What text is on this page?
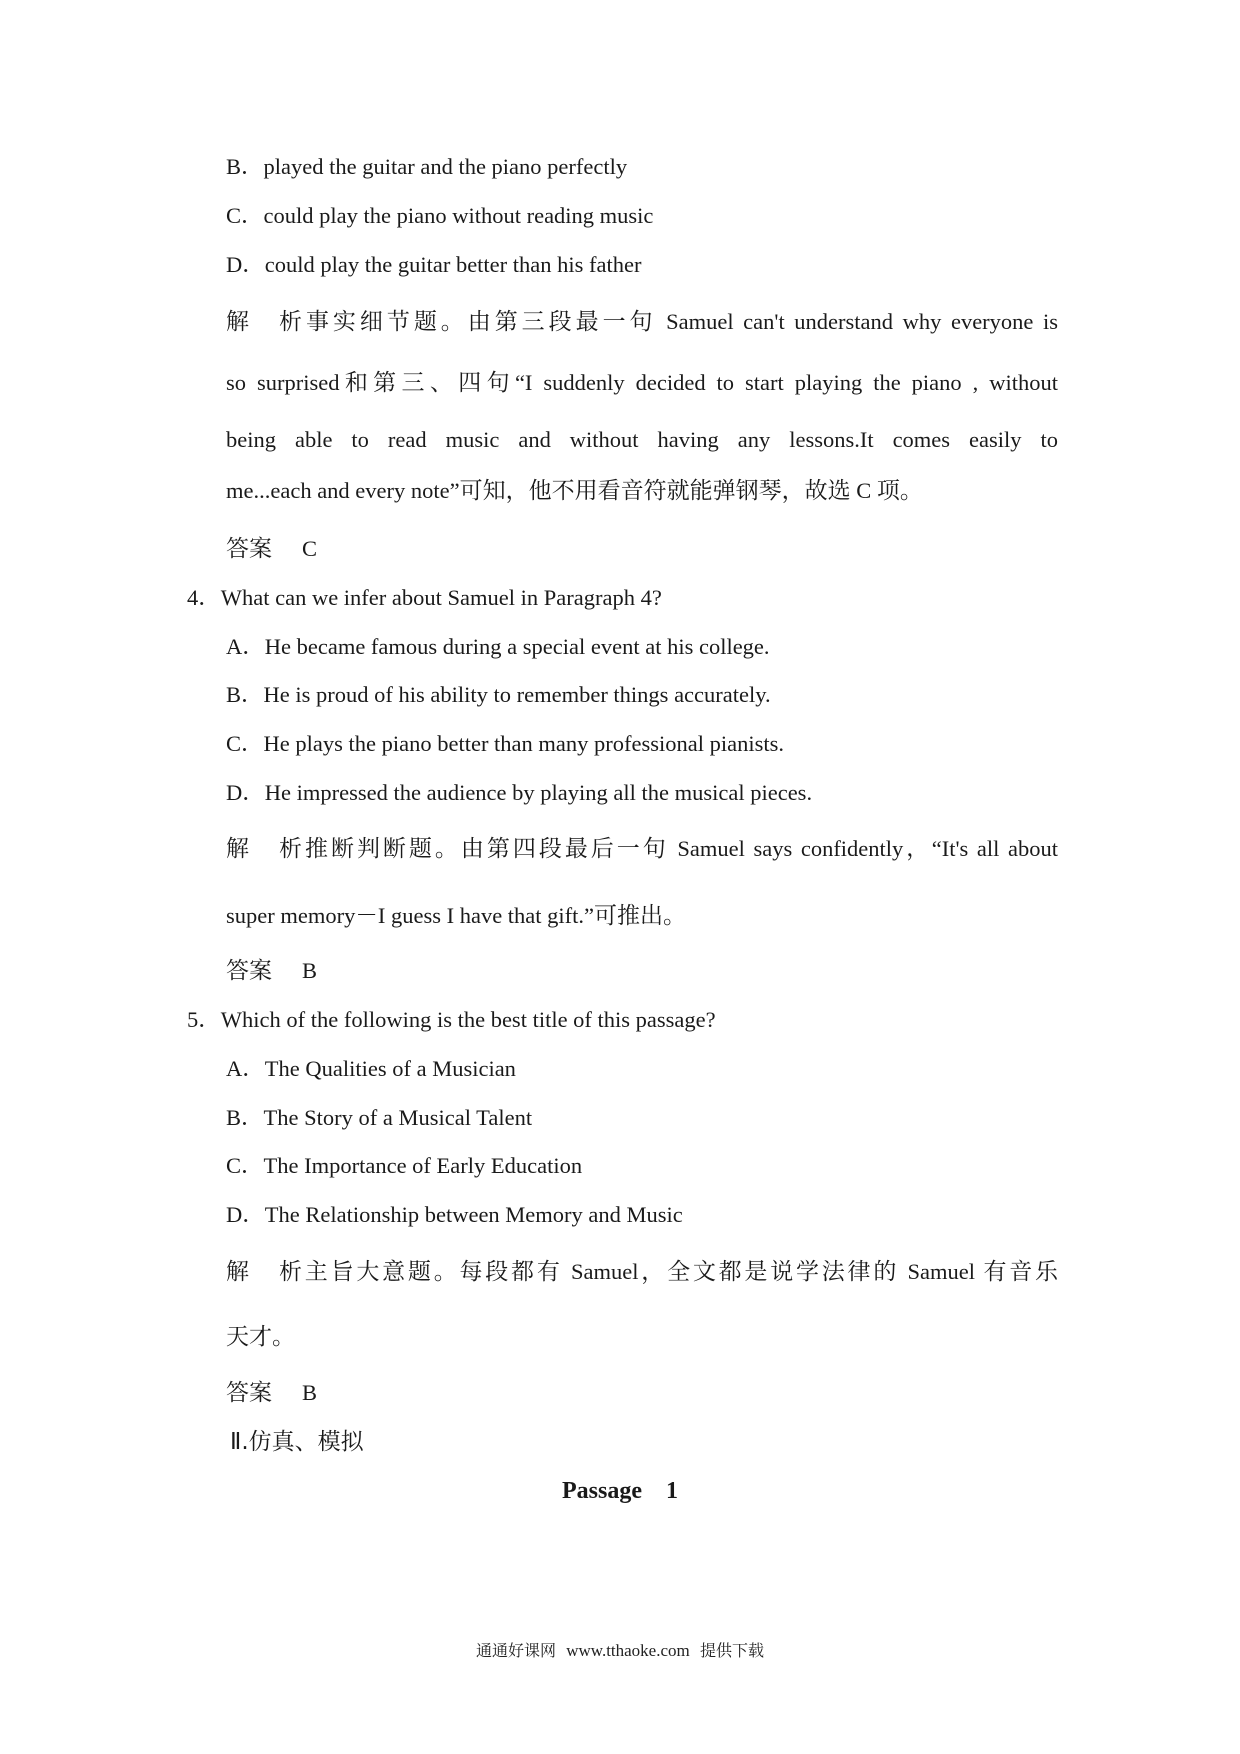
B．played the guitar and the piano perfectly
C．could play the piano without reading music
D．could play the guitar better than his father
解析事实细节题。由第三段最一句 Samuel can't understand why everyone is
so surprised和第三、四句“I suddenly decided to start playing the piano , without
being able to read music and without having any lessons.It comes easily to
me...each and every note”可知，他不用看音符就能弹钢琴，故选 C 项。
答案 C
4．What can we infer about Samuel in Paragraph 4?
A．He became famous during a special event at his college.
B．He is proud of his ability to remember things accurately.
C．He plays the piano better than many professional pianists.
D．He impressed the audience by playing all the musical pieces.
解析推断判断题。由第四段最后一句 Samuel says confidently，“It's all about
super memory－I guess I have that gift.”可推出。
答案 B
5．Which of the following is the best title of this passage?
A．The Qualities of a Musician
B．The Story of a Musical Talent
C．The Importance of Early Education
D．The Relationship between Memory and Music
解析主旨大意题。每段都有 Samuel，全文都是说学法律的 Samuel 有音乐
天才。
答案 B
Ⅱ.仿真、模拟
Passage　1
通通好课网 www.tthaoke.com 提供下载
